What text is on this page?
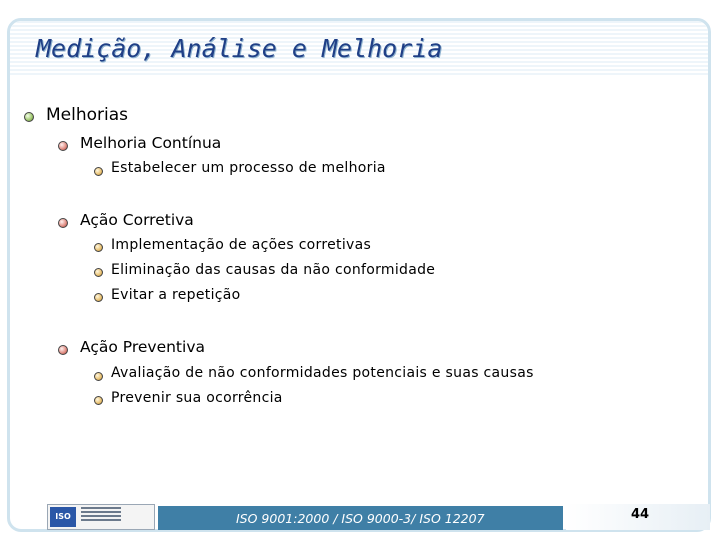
Medição, Análise e Melhoria
Melhorias
Melhoria Contínua
Estabelecer um processo de melhoria
Ação Corretiva
Implementação de ações corretivas
Eliminação das causas da não conformidade
Evitar a repetição
Ação Preventiva
Avaliação de não conformidades potenciais e suas causas
Prevenir sua ocorrência
ISO	ISO 9001:2000 / ISO 9000-3/ ISO 12207	44
